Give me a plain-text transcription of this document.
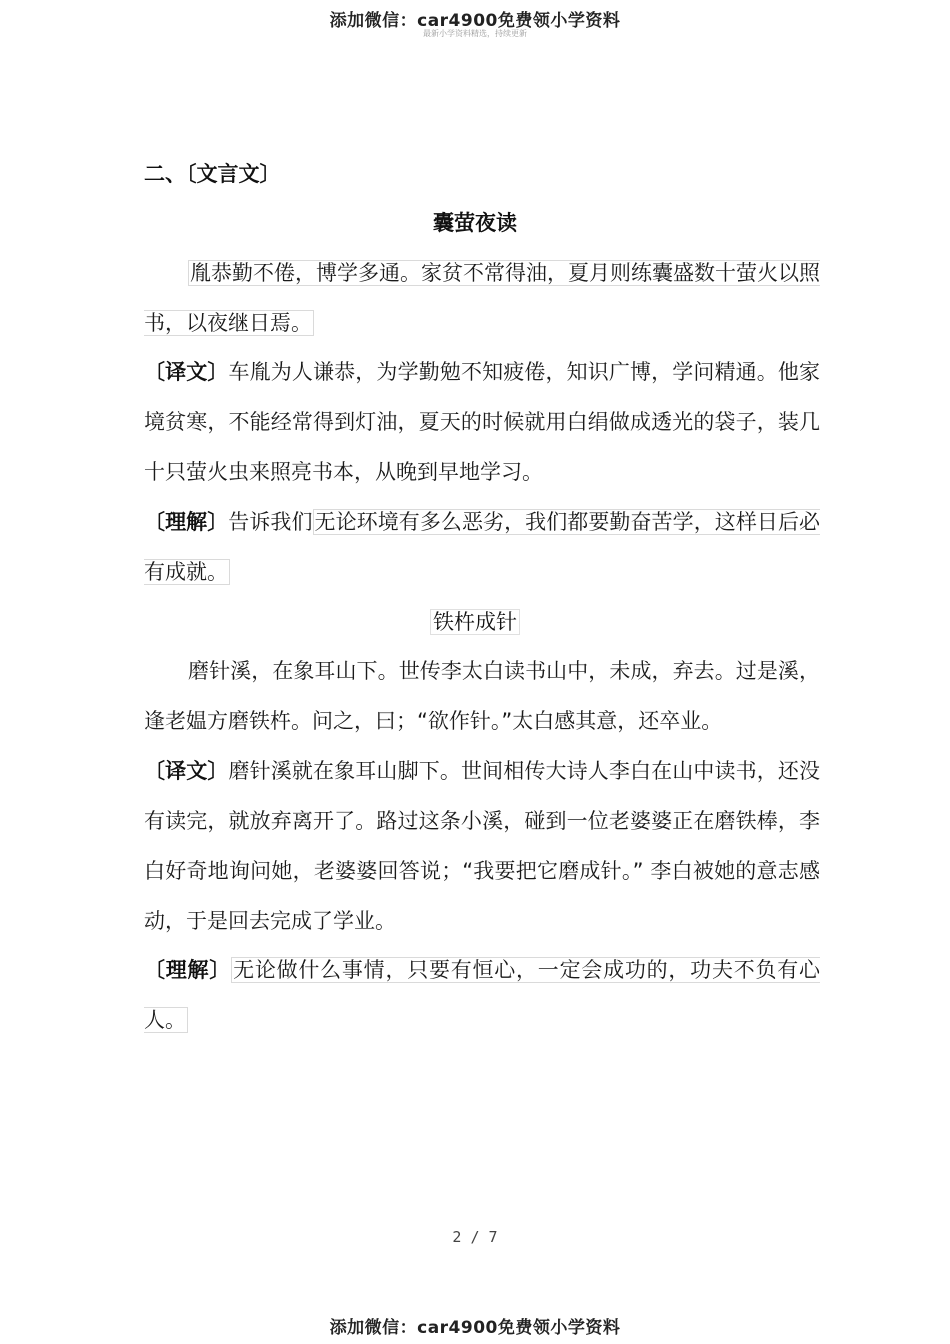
添加微信：car4900免费领小学资料
最新小学资料精选，持续更新
二、〔文言文〕
囊萤夜读
胤恭勤不倦，博学多通。家贫不常得油，夏月则练囊盛数十萤火以照书，以夜继日焉。
〔译文〕车胤为人谦恭，为学勤勉不知疲倦，知识广博，学问精通。他家境贫寒，不能经常得到灯油，夏天的时候就用白绢做成透光的袋子，装几十只萤火虫来照亮书本，从晚到早地学习。
〔理解〕告诉我们无论环境有多么恶劣，我们都要勤奋苦学，这样日后必有成就。
铁杵成针
磨针溪，在象耳山下。世传李太白读书山中，未成，弃去。过是溪，逢老媪方磨铁杵。问之，曰；“欲作针。”太白感其意，还卒业。
〔译文〕磨针溪就在象耳山脚下。世间相传大诗人李白在山中读书，还没有读完，就放弃离开了。路过这条小溪，碰到一位老婆婆正在磨铁棒，李白好奇地询问她，老婆婆回答说；“我要把它磨成针。” 李白被她的意志感动，于是回去完成了学业。
〔理解〕无论做什么事情，只要有恒心，一定会成功的，功夫不负有心人。
2 / 7
添加微信：car4900免费领小学资料
